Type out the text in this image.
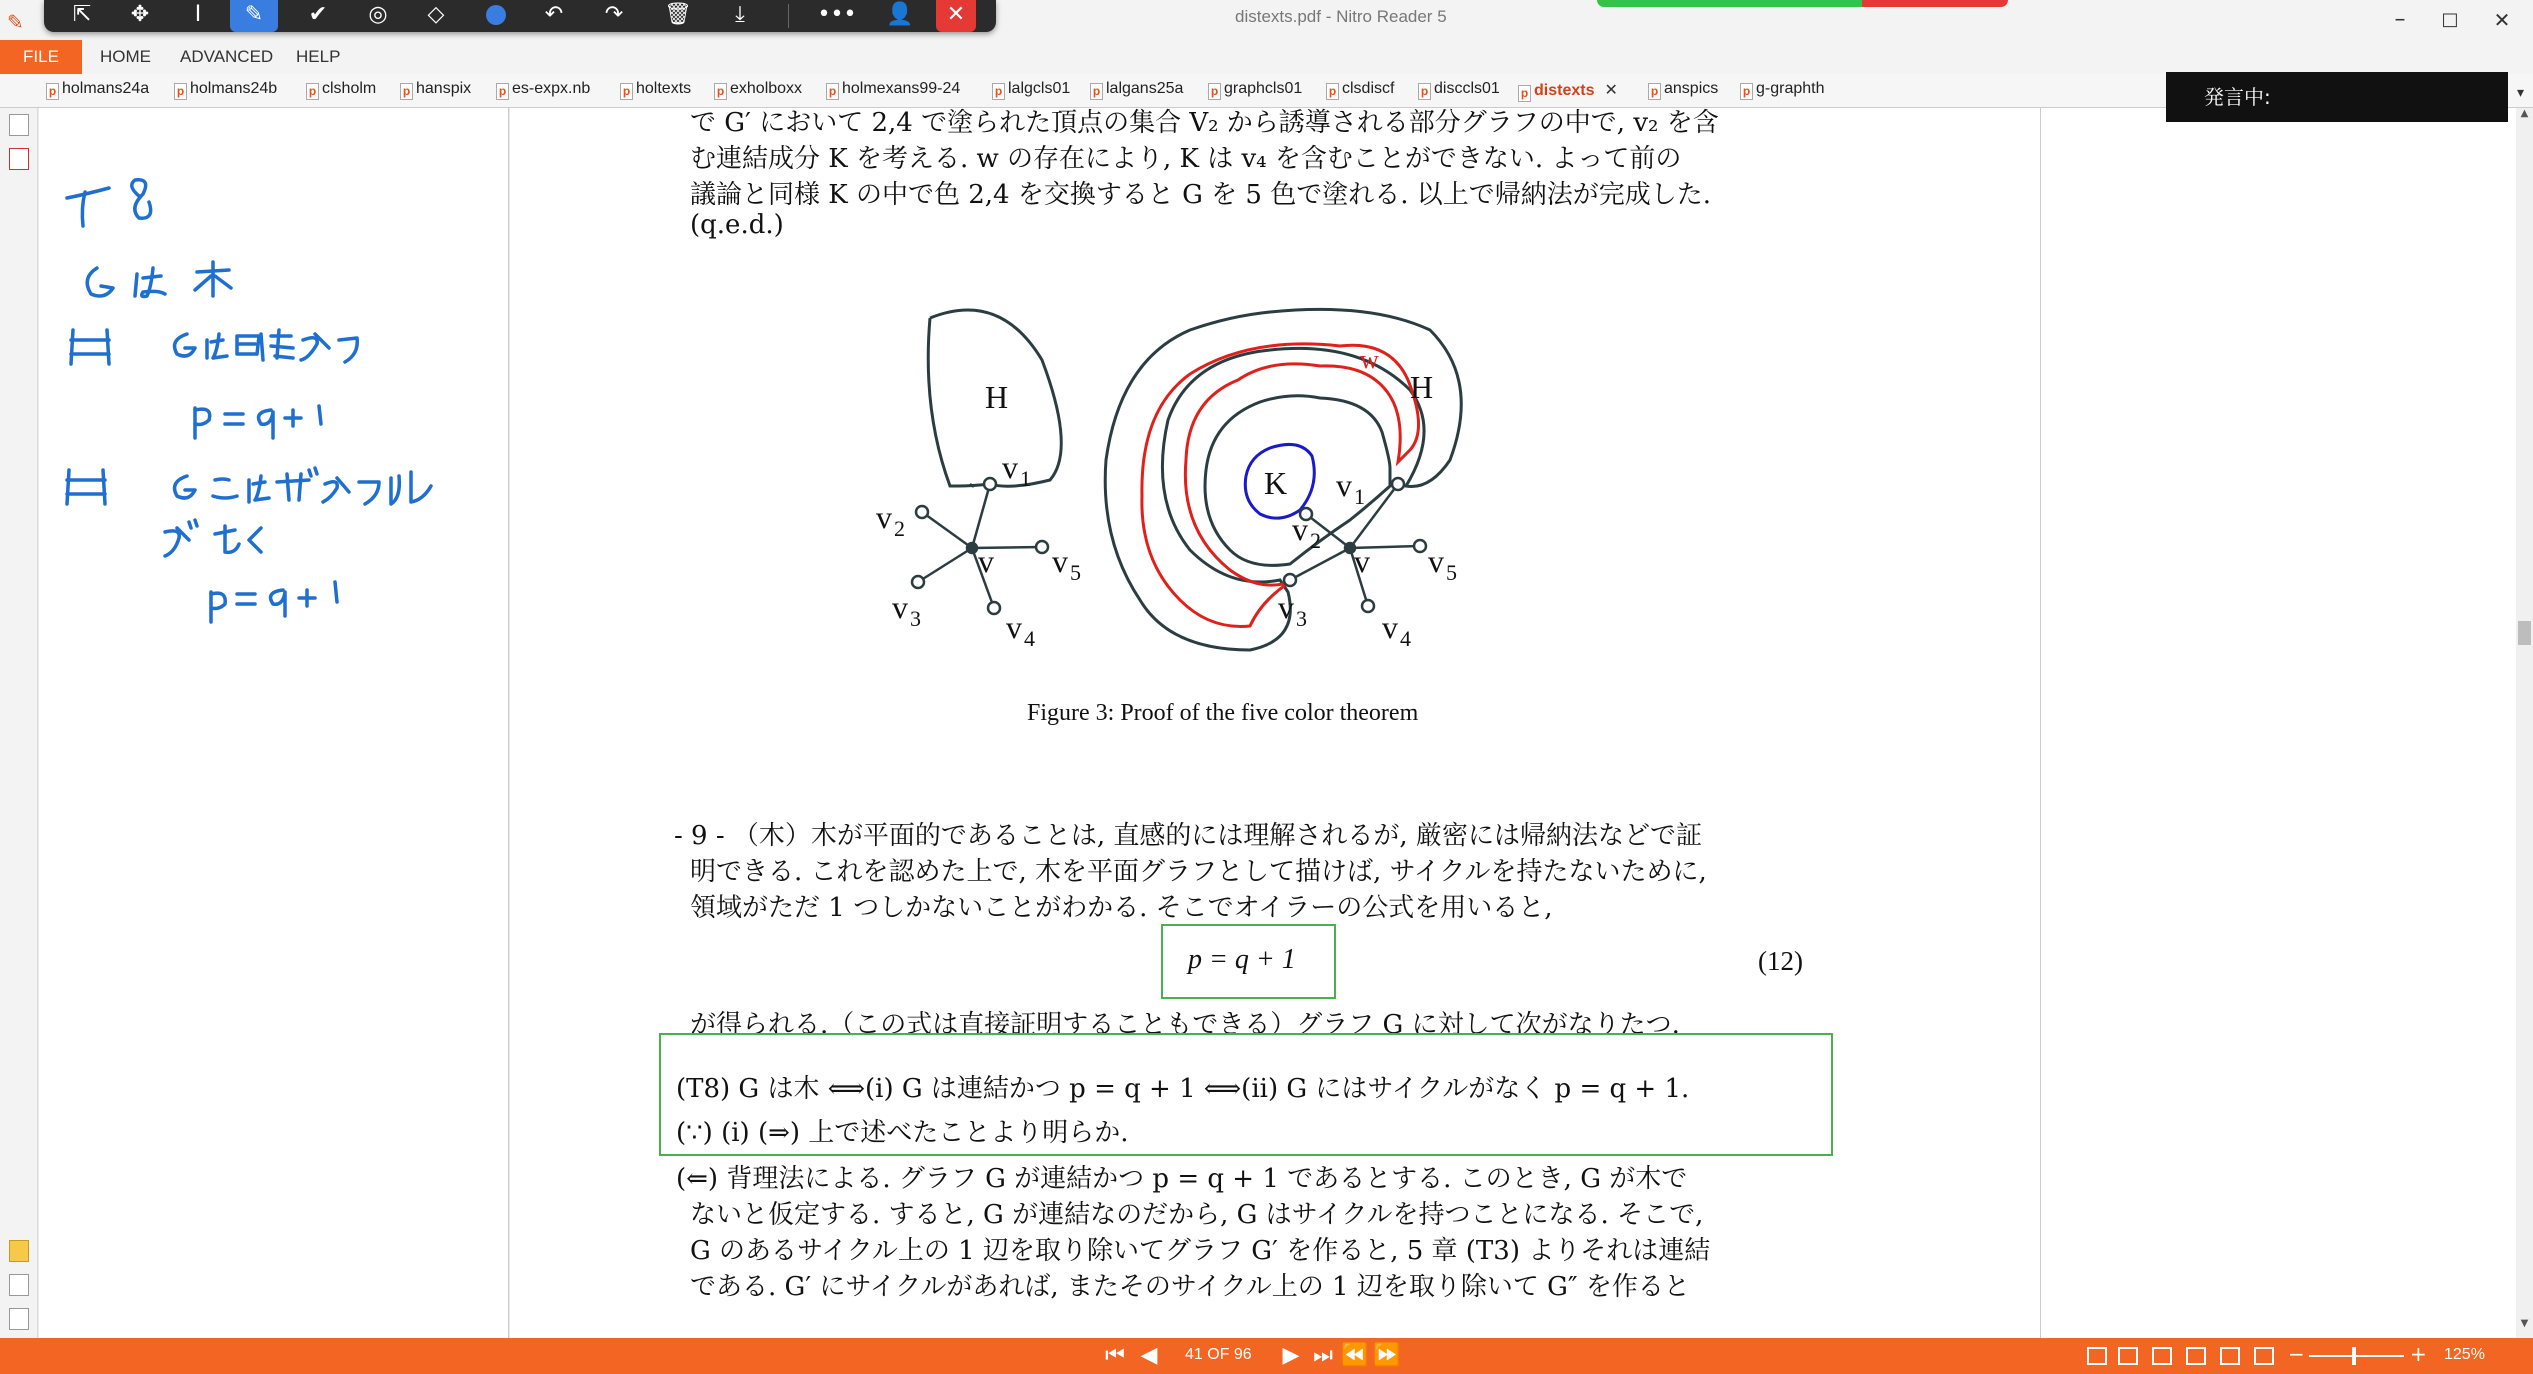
distexts.pdf - Nitro Reader 5	–	□	✕
✎	⇱	✥	I	✎	✔	◎	◇	↶	↷	🗑	⤓	••• 👤	✕
FILE	HOME ADVANCED HELP
p holmans24a p holmans24b	p clsholm p hanspix p es-expx.nb	p holtexts p exholboxx p holmexans99-24	p lalgcls01 p lalgans25a p graphcls01 p clsdiscf p disccls01 p distexts ✕	p anspics p g-graphth	▾
発言中:
で G′ において 2,4 で塗られた頂点の集合 V₂ から誘導される部分グラフの中で, v₂ を含
む連結成分 K を考える. w の存在により, K は v₄ を含むことができない. よって前の
議論と同様 K の中で色 2,4 を交換すると G を 5 色で塗れる. 以上で帰納法が完成した.
(q.e.d.)
H
v 1
v 2
v v 5
v 3	v 4
H
w
K v 1
v 2
v v 5
v 3 v 4
Figure 3: Proof of the five color theorem
- 9 - （木）木が平面的であることは, 直感的には理解されるが, 厳密には帰納法などで証
明できる. これを認めた上で, 木を平面グラフとして描けば, サイクルを持たないために,
領域がただ 1 つしかないことがわかる. そこでオイラーの公式を用いると,
p = q + 1	(12)
が得られる.（この式は直接証明することもできる）グラフ G に対して次がなりたつ.
(T8) G は木 ⟺(i) G は連結かつ p = q + 1 ⟺(ii) G にはサイクルがなく p = q + 1.
(∵) (i) (⇒) 上で述べたことより明らか.
(⇐) 背理法による. グラフ G が連結かつ p = q + 1 であるとする. このとき, G が木で
ないと仮定する. すると, G が連結なのだから, G はサイクルを持つことになる. そこで,
G のあるサイクル上の 1 辺を取り除いてグラフ G′ を作ると, 5 章 (T3) よりそれは連結
である. G′ にサイクルがあれば, またそのサイクル上の 1 辺を取り除いて G″ を作ると
▲
▼
⏮ ◀	41 OF 96 ▶ ⏭ ⏪ ⏩	−	+ 125%
